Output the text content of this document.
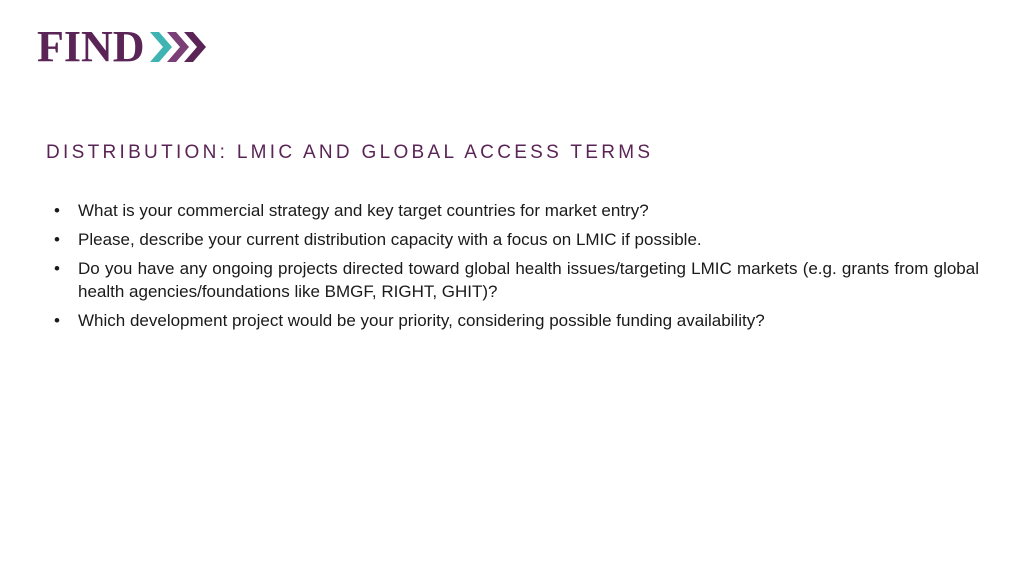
FIND
DISTRIBUTION: LMIC AND GLOBAL ACCESS TERMS
•	What is your commercial strategy and key target countries for market entry?
•	Please, describe your current distribution capacity with a focus on LMIC if possible.
•	Do you have any ongoing projects directed toward global health issues/targeting LMIC markets (e.g. grants from global health agencies/foundations like BMGF, RIGHT, GHIT)?
•	Which development project would be your priority, considering possible funding availability?
